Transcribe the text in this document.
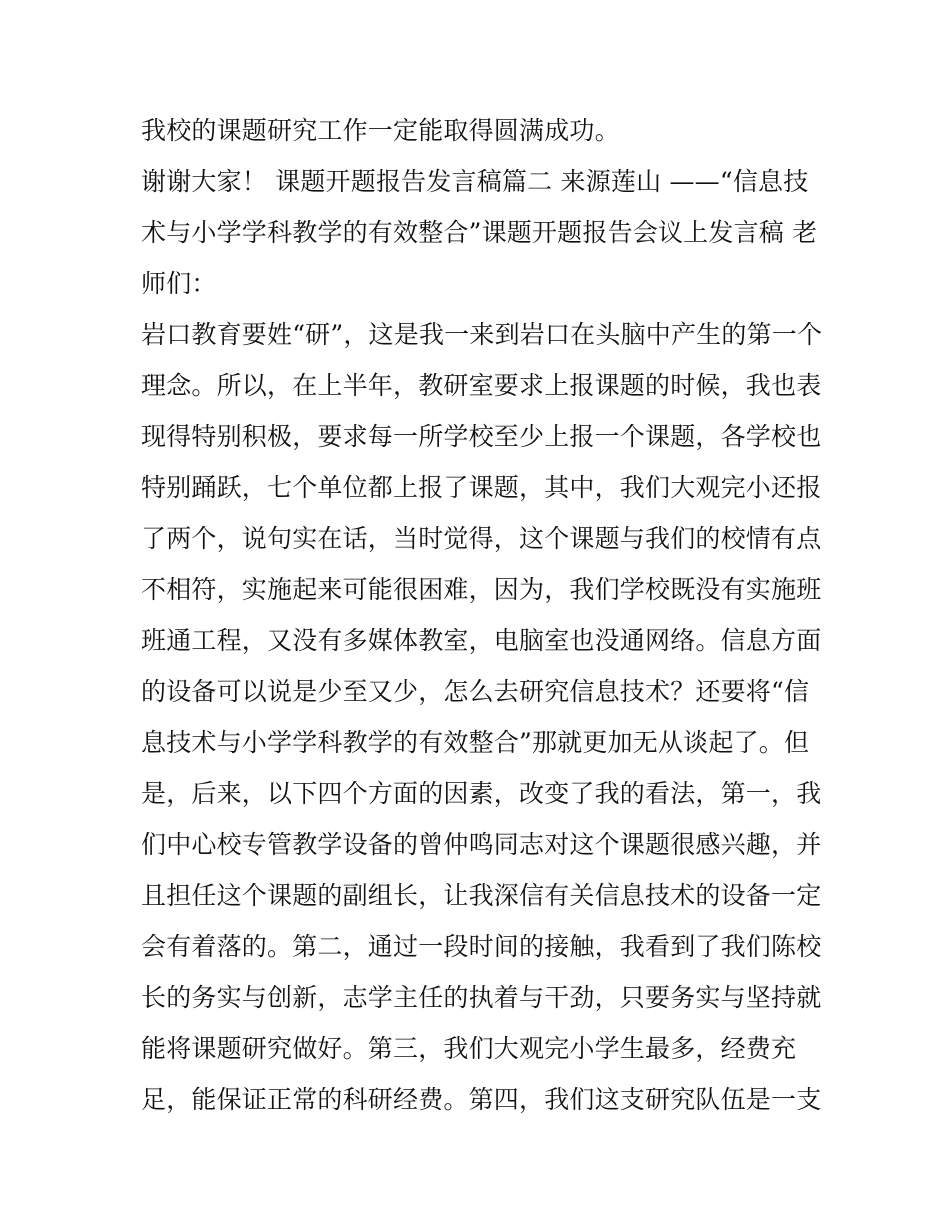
我校的课题研究工作一定能取得圆满成功。
谢谢大家！ 课题开题报告发言稿篇二 来源莲山 ——“信息技
术与小学学科教学的有效整合”课题开题报告会议上发言稿 老
师们：
岩口教育要姓“研”，这是我一来到岩口在头脑中产生的第一个
理念。所以，在上半年，教研室要求上报课题的时候，我也表
现得特别积极，要求每一所学校至少上报一个课题，各学校也
特别踊跃，七个单位都上报了课题，其中，我们大观完小还报
了两个，说句实在话，当时觉得，这个课题与我们的校情有点
不相符，实施起来可能很困难，因为，我们学校既没有实施班
班通工程，又没有多媒体教室，电脑室也没通网络。信息方面
的设备可以说是少至又少，怎么去研究信息技术？还要将“信
息技术与小学学科教学的有效整合”那就更加无从谈起了。但
是，后来，以下四个方面的因素，改变了我的看法，第一，我
们中心校专管教学设备的曾仲鸣同志对这个课题很感兴趣，并
且担任这个课题的副组长，让我深信有关信息技术的设备一定
会有着落的。第二，通过一段时间的接触，我看到了我们陈校
长的务实与创新，志学主任的执着与干劲，只要务实与坚持就
能将课题研究做好。第三，我们大观完小学生最多，经费充
足，能保证正常的科研经费。第四，我们这支研究队伍是一支
